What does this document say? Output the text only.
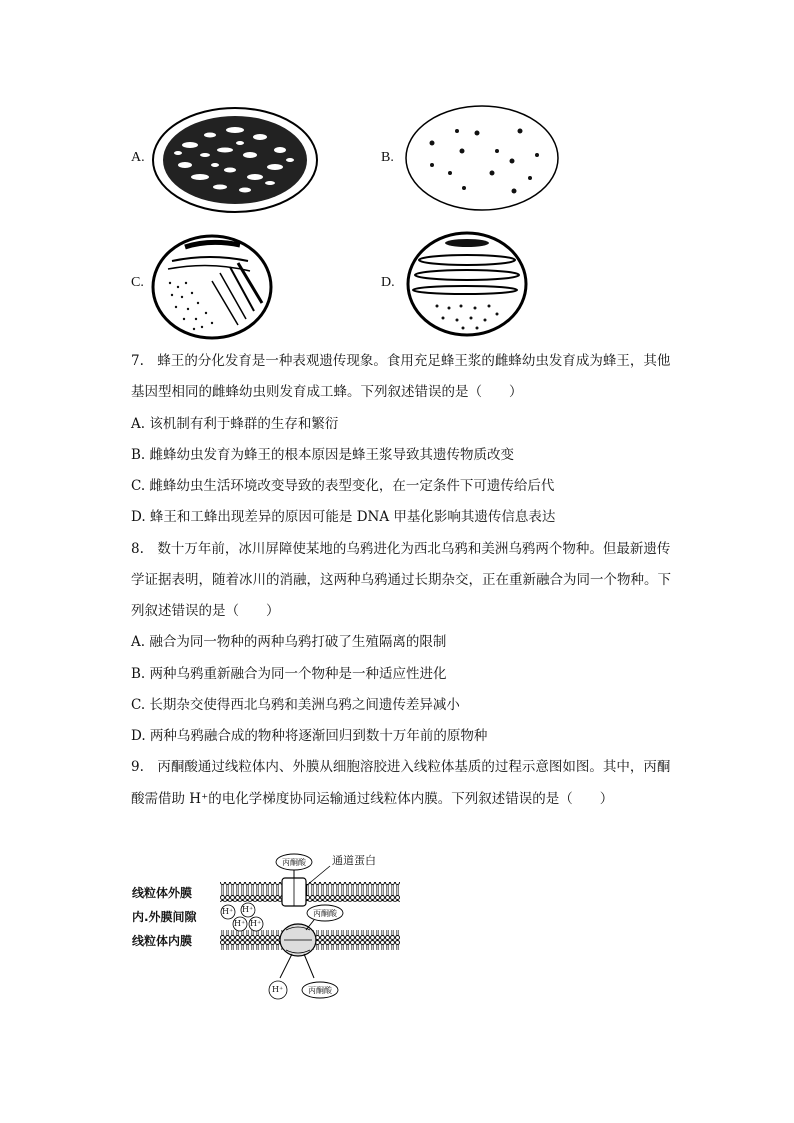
A.	B.
C.	D.
7.　蜂王的分化发育是一种表观遗传现象。食用充足蜂王浆的雌蜂幼虫发育成为蜂王，其他
基因型相同的雌蜂幼虫则发育成工蜂。下列叙述错误的是（　　）
A. 该机制有利于蜂群的生存和繁衍
B. 雌蜂幼虫发育为蜂王的根本原因是蜂王浆导致其遗传物质改变
C. 雌蜂幼虫生活环境改变导致的表型变化，在一定条件下可遗传给后代
D. 蜂王和工蜂出现差异的原因可能是 DNA 甲基化影响其遗传信息表达
8.　数十万年前，冰川屏障使某地的乌鸦进化为西北乌鸦和美洲乌鸦两个物种。但最新遗传
学证据表明，随着冰川的消融，这两种乌鸦通过长期杂交，正在重新融合为同一个物种。下
列叙述错误的是（　　）
A. 融合为同一物种的两种乌鸦打破了生殖隔离的限制
B. 两种乌鸦重新融合为同一个物种是一种适应性进化
C. 长期杂交使得西北乌鸦和美洲乌鸦之间遗传差异减小
D. 两种乌鸦融合成的物种将逐渐回归到数十万年前的原物种
9.　丙酮酸通过线粒体内、外膜从细胞溶胶进入线粒体基质的过程示意图如图。其中，丙酮
酸需借助 H⁺的电化学梯度协同运输通过线粒体内膜。下列叙述错误的是（　　）
线粒体外膜
内.外膜间隙
线粒体内膜
通道蛋白
丙酮酸
丙酮酸
丙酮酸
H⁺ H⁺
H⁺ H⁺
H⁺
